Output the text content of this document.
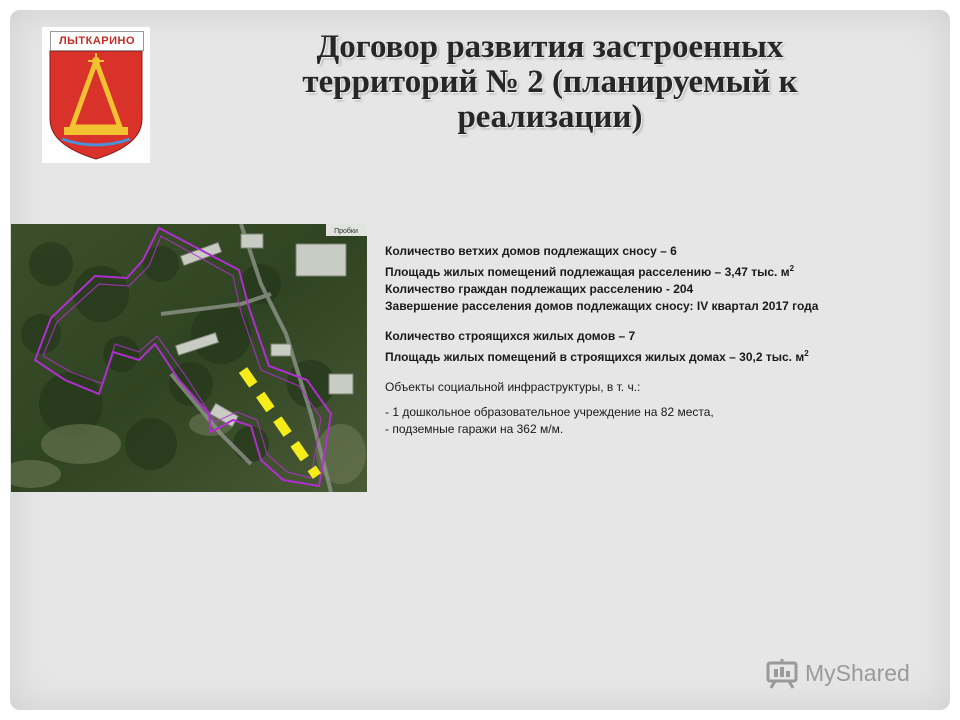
ЛЫТКАРИНО	Договор развития застроенных
территорий № 2 (планируемый к
реализации)
Пробки
Количество ветхих домов подлежащих сносу – 6
Площадь жилых помещений подлежащая расселению – 3,47 тыс. $м^2$
Количество граждан подлежащих расселению - 204
Завершение расселения домов подлежащих сносу: IV квартал 2017 года
Количество строящихся жилых домов – 7
Площадь жилых помещений в строящихся жилых домах – 30,2 тыс. $м^2$
Объекты социальной инфраструктуры, в т. ч.:
- 1 дошкольное образовательное учреждение на 82 места,
- подземные гаражи на 362 м/м.
MyShared
